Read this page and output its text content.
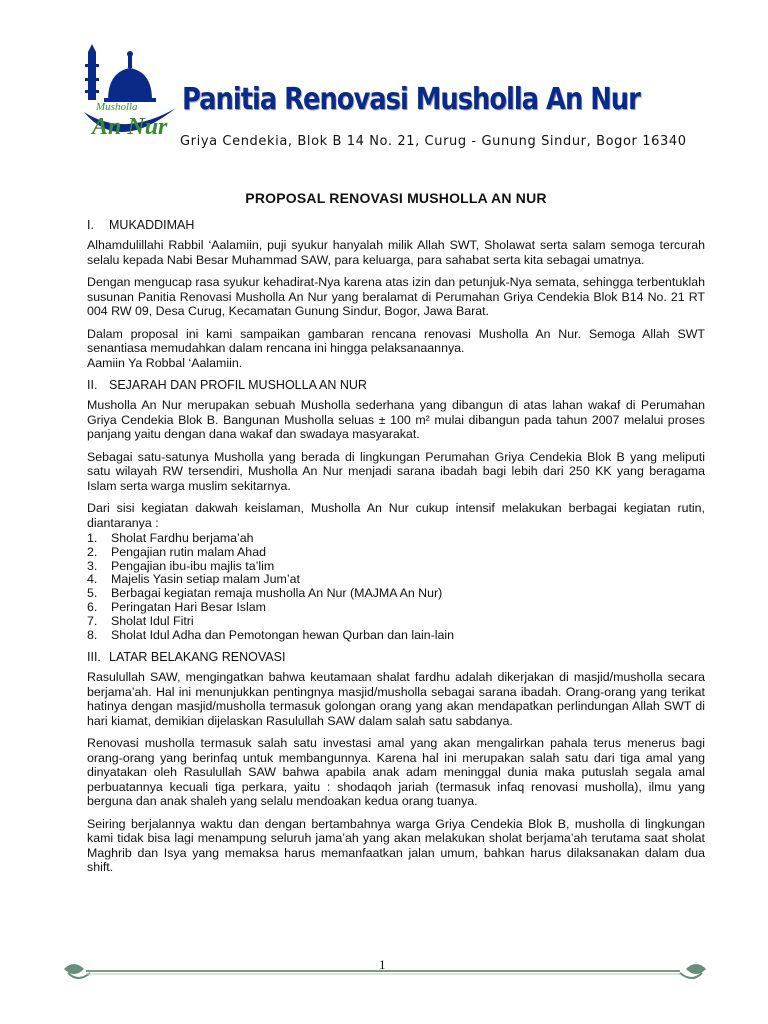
Musholla
An Nur
Panitia Renovasi Musholla An Nur
Griya Cendekia, Blok B 14 No. 21, Curug - Gunung Sindur, Bogor 16340
PROPOSAL RENOVASI MUSHOLLA AN NUR
I. MUKADDIMAH

Alhamdulillahi Rabbil ‘Aalamiin, puji syukur hanyalah milik Allah SWT, Sholawat serta salam semoga tercurah selalu kepada Nabi Besar Muhammad SAW, para keluarga, para sahabat serta kita sebagai umatnya.

Dengan mengucap rasa syukur kehadirat-Nya karena atas izin dan petunjuk-Nya semata, sehingga terbentuklah susunan Panitia Renovasi Musholla An Nur yang beralamat di Perumahan Griya Cendekia Blok B14 No. 21 RT 004 RW 09, Desa Curug, Kecamatan Gunung Sindur, Bogor, Jawa Barat.

Dalam proposal ini kami sampaikan gambaran rencana renovasi Musholla An Nur. Semoga Allah SWT senantiasa memudahkan dalam rencana ini hingga pelaksanaannya.

Aamiin Ya Robbal ‘Aalamiin.

II. SEJARAH DAN PROFIL MUSHOLLA AN NUR

Musholla An Nur merupakan sebuah Musholla sederhana yang dibangun di atas lahan wakaf di Perumahan Griya Cendekia Blok B. Bangunan Musholla seluas ± 100 m² mulai dibangun pada tahun 2007 melalui proses panjang yaitu dengan dana wakaf dan swadaya masyarakat.

Sebagai satu-satunya Musholla yang berada di lingkungan Perumahan Griya Cendekia Blok B yang meliputi satu wilayah RW tersendiri, Musholla An Nur menjadi sarana ibadah bagi lebih dari 250 KK yang beragama Islam serta warga muslim sekitarnya.

Dari sisi kegiatan dakwah keislaman, Musholla An Nur cukup intensif melakukan berbagai kegiatan rutin, diantaranya :

1.	Sholat Fardhu berjama’ah
2.	Pengajian rutin malam Ahad
3.	Pengajian ibu-ibu majlis ta’lim
4.	Majelis Yasin setiap malam Jum’at
5.	Berbagai kegiatan remaja musholla An Nur (MAJMA An Nur)
6.	Peringatan Hari Besar Islam
7.	Sholat Idul Fitri
8.	Sholat Idul Adha dan Pemotongan hewan Qurban dan lain-lain
III. LATAR BELAKANG RENOVASI

Rasulullah SAW, mengingatkan bahwa keutamaan shalat fardhu adalah dikerjakan di masjid/musholla secara berjama’ah. Hal ini menunjukkan pentingnya masjid/musholla sebagai sarana ibadah. Orang-orang yang terikat hatinya dengan masjid/musholla termasuk golongan orang yang akan mendapatkan perlindungan Allah SWT di hari kiamat, demikian dijelaskan Rasulullah SAW dalam salah satu sabdanya.

Renovasi musholla termasuk salah satu investasi amal yang akan mengalirkan pahala terus menerus bagi orang-orang yang berinfaq untuk membangunnya. Karena hal ini merupakan salah satu dari tiga amal yang dinyatakan oleh Rasulullah SAW bahwa apabila anak adam meninggal dunia maka putuslah segala amal perbuatannya kecuali tiga perkara, yaitu : shodaqoh jariah (termasuk infaq renovasi musholla), ilmu yang berguna dan anak shaleh yang selalu mendoakan kedua orang tuanya.

Seiring berjalannya waktu dan dengan bertambahnya warga Griya Cendekia Blok B, musholla di lingkungan kami tidak bisa lagi menampung seluruh jama’ah yang akan melakukan sholat berjama’ah terutama saat sholat Maghrib dan Isya yang memaksa harus memanfaatkan jalan umum, bahkan harus dilaksanakan dalam dua shift.

1
